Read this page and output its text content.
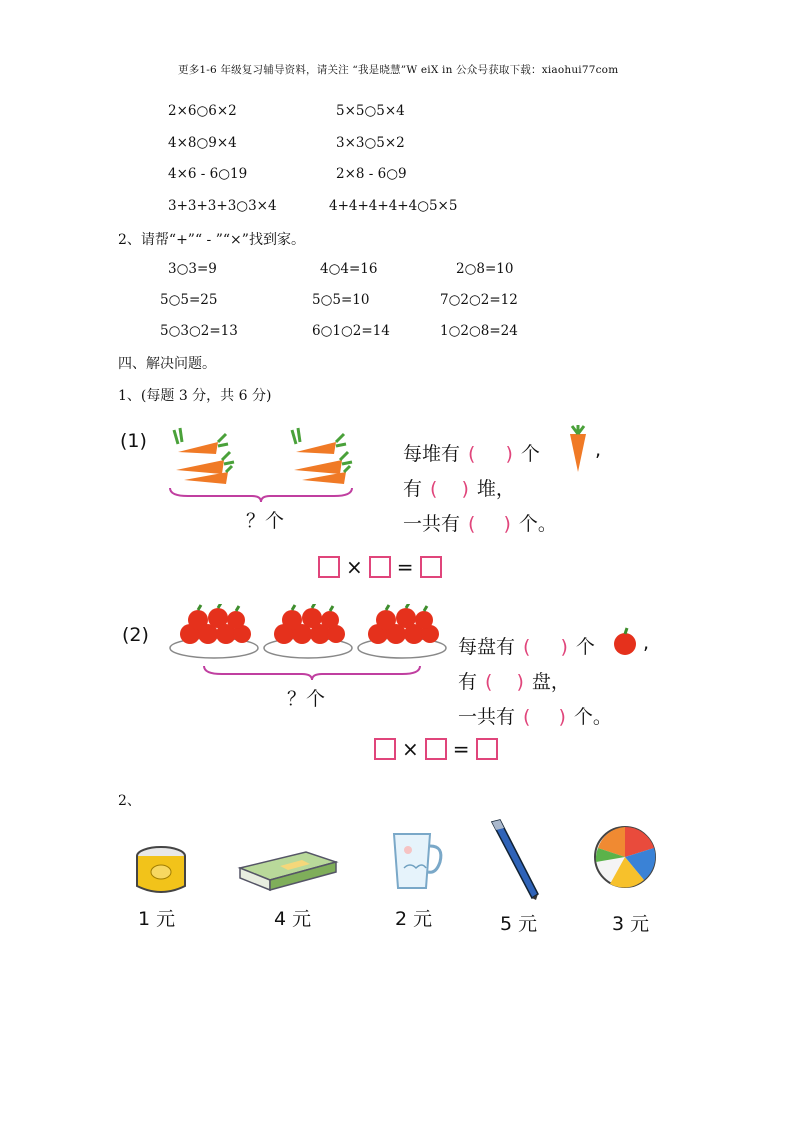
更多1-6 年级复习辅导资料，请关注 “我是晓慧”W eiX in 公众号获取下载：xiaohui77com
2×6○6×2	5×5○5×4
4×8○9×4	3×3○5×2
4×6 - 6○19	2×8 - 6○9
3+3+3+3○3×4	4+4+4+4+4○5×5
2、请帮“+”“ - ”“×”找到家。
3○3=9	4○4=16	2○8=10
5○5=25	5○5=10	7○2○2=12
5○3○2=13	6○1○2=14	1○2○8=24
四、解决问题。
1、(每题 3 分，共 6 分)
(1)
？个
每堆有 ( ) 个	,
有 ( ) 堆，
一共有 ( ) 个。
× =
(2)
？个
每盘有 ( ) 个	,
有 ( ) 盘，
一共有 ( ) 个。
× =
2、
1 元	4 元	2 元	5 元	3 元
